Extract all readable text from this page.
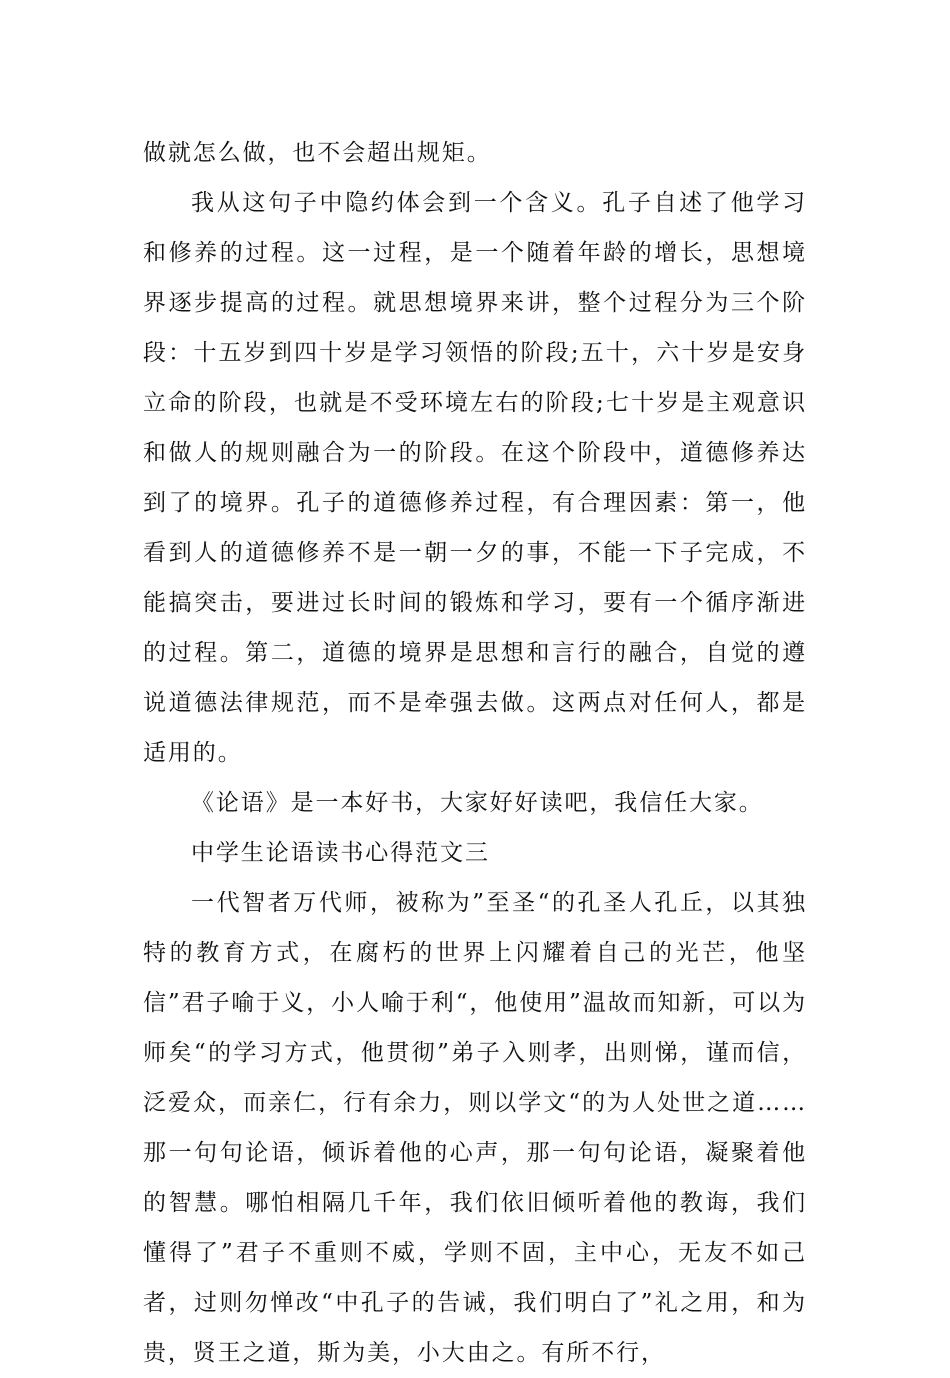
做就怎么做，也不会超出规矩。

我从这句子中隐约体会到一个含义。孔子自述了他学习和修养的过程。这一过程，是一个随着年龄的增长，思想境界逐步提高的过程。就思想境界来讲，整个过程分为三个阶段：十五岁到四十岁是学习领悟的阶段;五十，六十岁是安身立命的阶段，也就是不受环境左右的阶段;七十岁是主观意识和做人的规则融合为一的阶段。在这个阶段中，道德修养达到了的境界。孔子的道德修养过程，有合理因素：第一，他看到人的道德修养不是一朝一夕的事，不能一下子完成，不能搞突击，要进过长时间的锻炼和学习，要有一个循序渐进的过程。第二，道德的境界是思想和言行的融合，自觉的遵说道德法律规范，而不是牵强去做。这两点对任何人，都是适用的。

《论语》是一本好书，大家好好读吧，我信任大家。

中学生论语读书心得范文三

一代智者万代师，被称为”至圣“的孔圣人孔丘，以其独特的教育方式，在腐朽的世界上闪耀着自己的光芒，他坚信”君子喻于义，小人喻于利“，他使用”温故而知新，可以为师矣“的学习方式，他贯彻”弟子入则孝，出则悌，谨而信，泛爱众，而亲仁，行有余力，则以学文“的为人处世之道……那一句句论语，倾诉着他的心声，那一句句论语，凝聚着他的智慧。哪怕相隔几千年，我们依旧倾听着他的教诲，我们懂得了”君子不重则不威，学则不固，主中心，无友不如己者，过则勿惮改“中孔子的告诫，我们明白了”礼之用，和为贵，贤王之道，斯为美，小大由之。有所不行，
